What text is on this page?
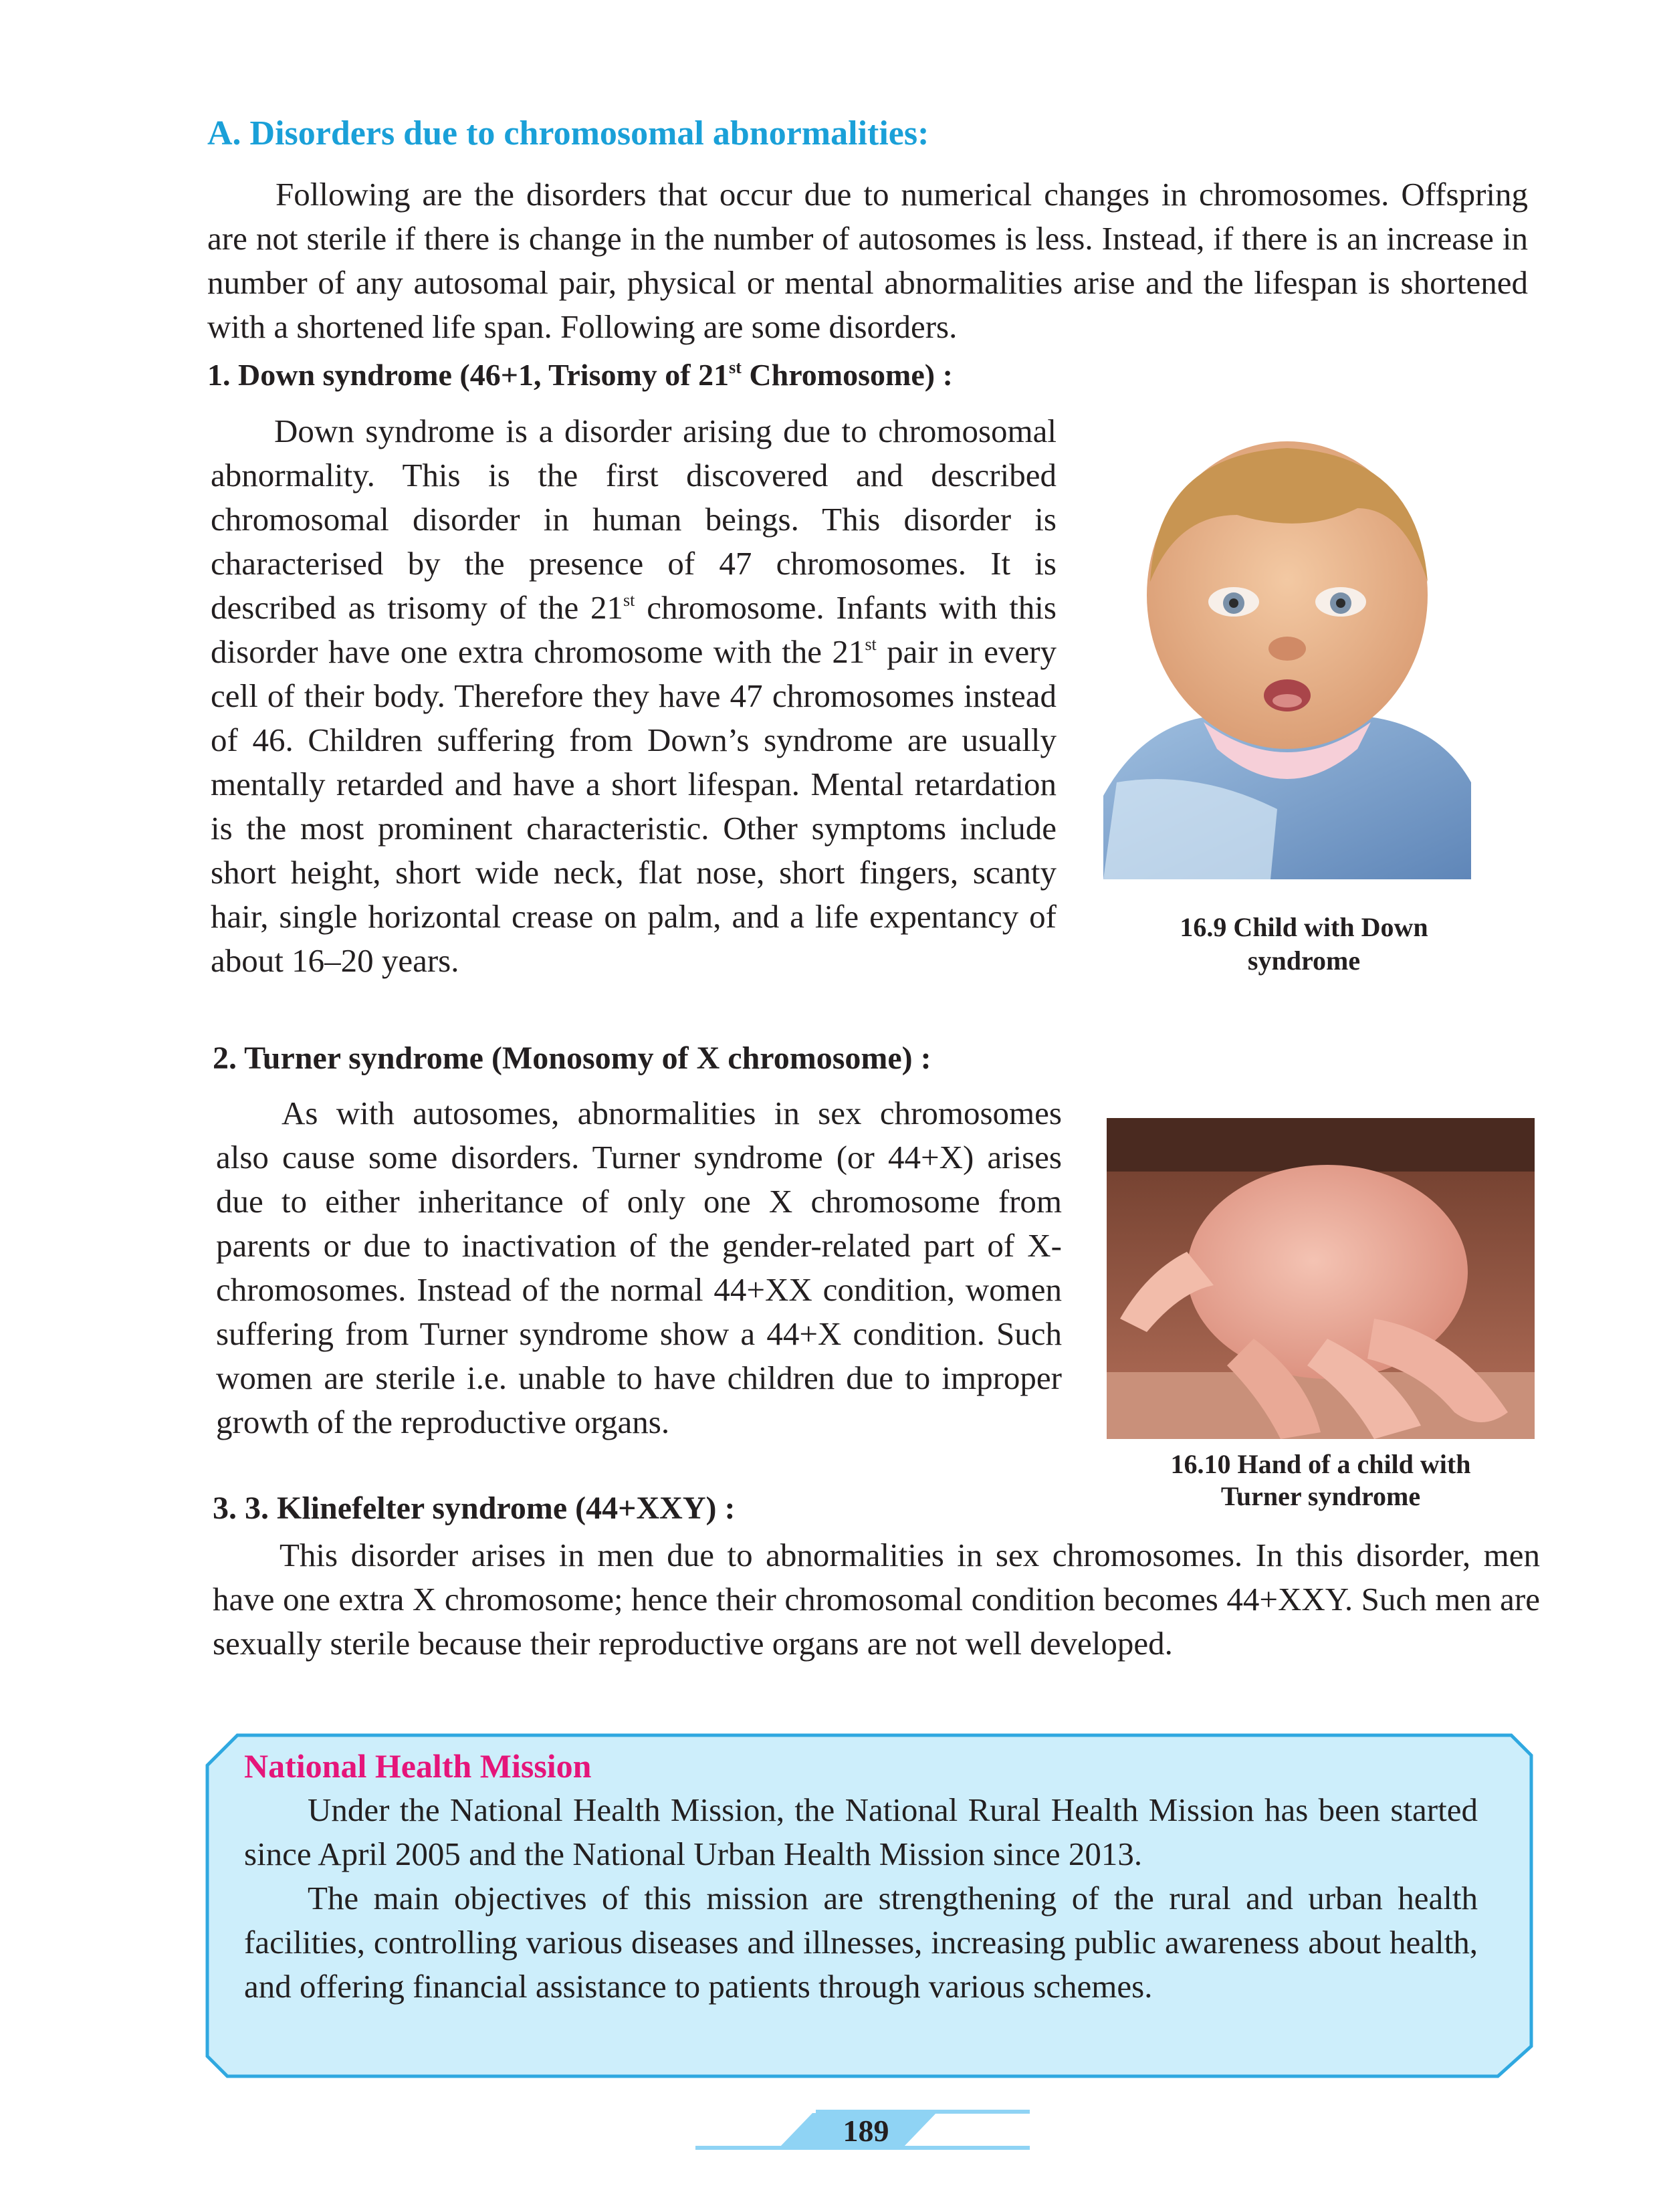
A. Disorders due to chromosomal abnormalities:
Following are the disorders that occur due to numerical changes in chromosomes. Offspring are not sterile if there is change in the number of autosomes is less. Instead, if there is an increase in number of any autosomal pair, physical or mental abnormalities arise and the lifespan is shortened with a shortened life span. Following are some disorders.
1. Down syndrome (46+1, Trisomy of 21st Chromosome) :
Down syndrome is a disorder arising due to chromosomal abnormality. This is the first discovered and described chromosomal disorder in human beings. This disorder is characterised by the presence of 47 chromosomes. It is described as trisomy of the 21st chromosome. Infants with this disorder have one extra chromosome with the 21st pair in every cell of their body. Therefore they have 47 chromosomes instead of 46. Children suffering from Down’s syndrome are usually mentally retarded and have a short lifespan. Mental retardation is the most prominent characteristic. Other symptoms include short height, short wide neck, flat nose, short fingers, scanty hair, single horizontal crease on palm, and a life expentancy of about 16–20 years.
16.9 Child with Down
syndrome
2. Turner syndrome (Monosomy of X chromosome) :
As with autosomes, abnormalities in sex chromosomes also cause some disorders. Turner syndrome (or 44+X) arises due to either inheritance of only one X chromosome from parents or due to inactivation of the gender-related part of X-chromosomes. Instead of the normal 44+XX condition, women suffering from Turner syndrome show a 44+X condition. Such women are sterile i.e. unable to have children due to improper growth of the reproductive organs.
16.10 Hand of a child with
Turner syndrome
3. 3. Klinefelter syndrome (44+XXY) :
This disorder arises in men due to abnormalities in sex chromosomes. In this disorder, men have one extra X chromosome; hence their chromosomal condition becomes 44+XXY. Such men are sexually sterile because their reproductive organs are not well developed.
National Health Mission
Under the National Health Mission, the National Rural Health Mission has been started since April 2005 and the National Urban Health Mission since 2013.
The main objectives of this mission are strengthening of the rural and urban health facilities, controlling various diseases and illnesses, increasing public awareness about health, and offering financial assistance to patients through various schemes.
189
